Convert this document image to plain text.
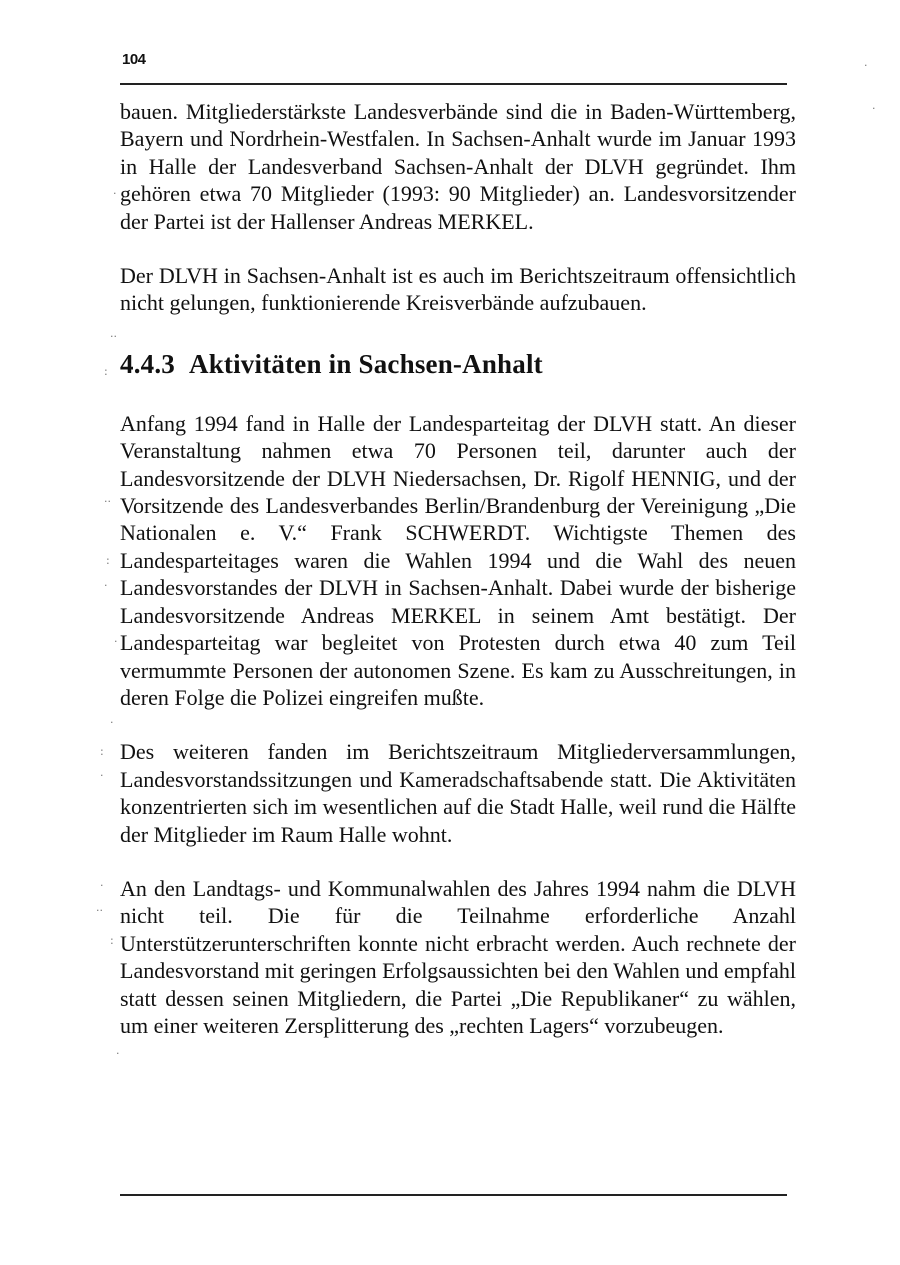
104

bauen. Mitgliederstärkste Landesverbände sind die in Baden-Württemberg, Bayern und Nordrhein-Westfalen. In Sachsen-Anhalt wurde im Januar 1993 in Halle der Landesverband Sachsen-Anhalt der DLVH gegründet. Ihm gehören etwa 70 Mitglieder (1993: 90 Mitglieder) an. Landesvorsitzender der Partei ist der Hallenser Andreas MERKEL.

Der DLVH in Sachsen-Anhalt ist es auch im Berichtszeitraum offensichtlich nicht gelungen, funktionierende Kreisverbände aufzubauen.

4.4.3 Aktivitäten in Sachsen-Anhalt

Anfang 1994 fand in Halle der Landesparteitag der DLVH statt. An dieser Veranstaltung nahmen etwa 70 Personen teil, darunter auch der Landesvorsitzende der DLVH Niedersachsen, Dr. Rigolf HENNIG, und der Vorsitzende des Landesverbandes Berlin/Brandenburg der Vereinigung „Die Nationalen e. V.“ Frank SCHWERDT. Wichtigste Themen des Landesparteitages waren die Wahlen 1994 und die Wahl des neuen Landesvorstandes der DLVH in Sachsen-Anhalt. Dabei wurde der bisherige Landesvorsitzende Andreas MERKEL in seinem Amt bestätigt. Der Landesparteitag war begleitet von Protesten durch etwa 40 zum Teil vermummte Personen der autonomen Szene. Es kam zu Ausschreitungen, in deren Folge die Polizei eingreifen mußte.

Des weiteren fanden im Berichtszeitraum Mitgliederversammlungen, Landesvorstandssitzungen und Kameradschaftsabende statt. Die Aktivitäten konzentrierten sich im wesentlichen auf die Stadt Halle, weil rund die Hälfte der Mitglieder im Raum Halle wohnt.

An den Landtags- und Kommunalwahlen des Jahres 1994 nahm die DLVH nicht teil. Die für die Teilnahme erforderliche Anzahl Unterstützerunterschriften konnte nicht erbracht werden. Auch rechnete der Landesvorstand mit geringen Erfolgsaussichten bei den Wahlen und empfahl statt dessen seinen Mitgliedern, die Partei „Die Republikaner“ zu wählen, um einer weiteren Zersplitterung des „rechten Lagers“ vorzubeugen.

·
·
·
··
:
··
:
·
·
·
:
·
·
··
:
·
